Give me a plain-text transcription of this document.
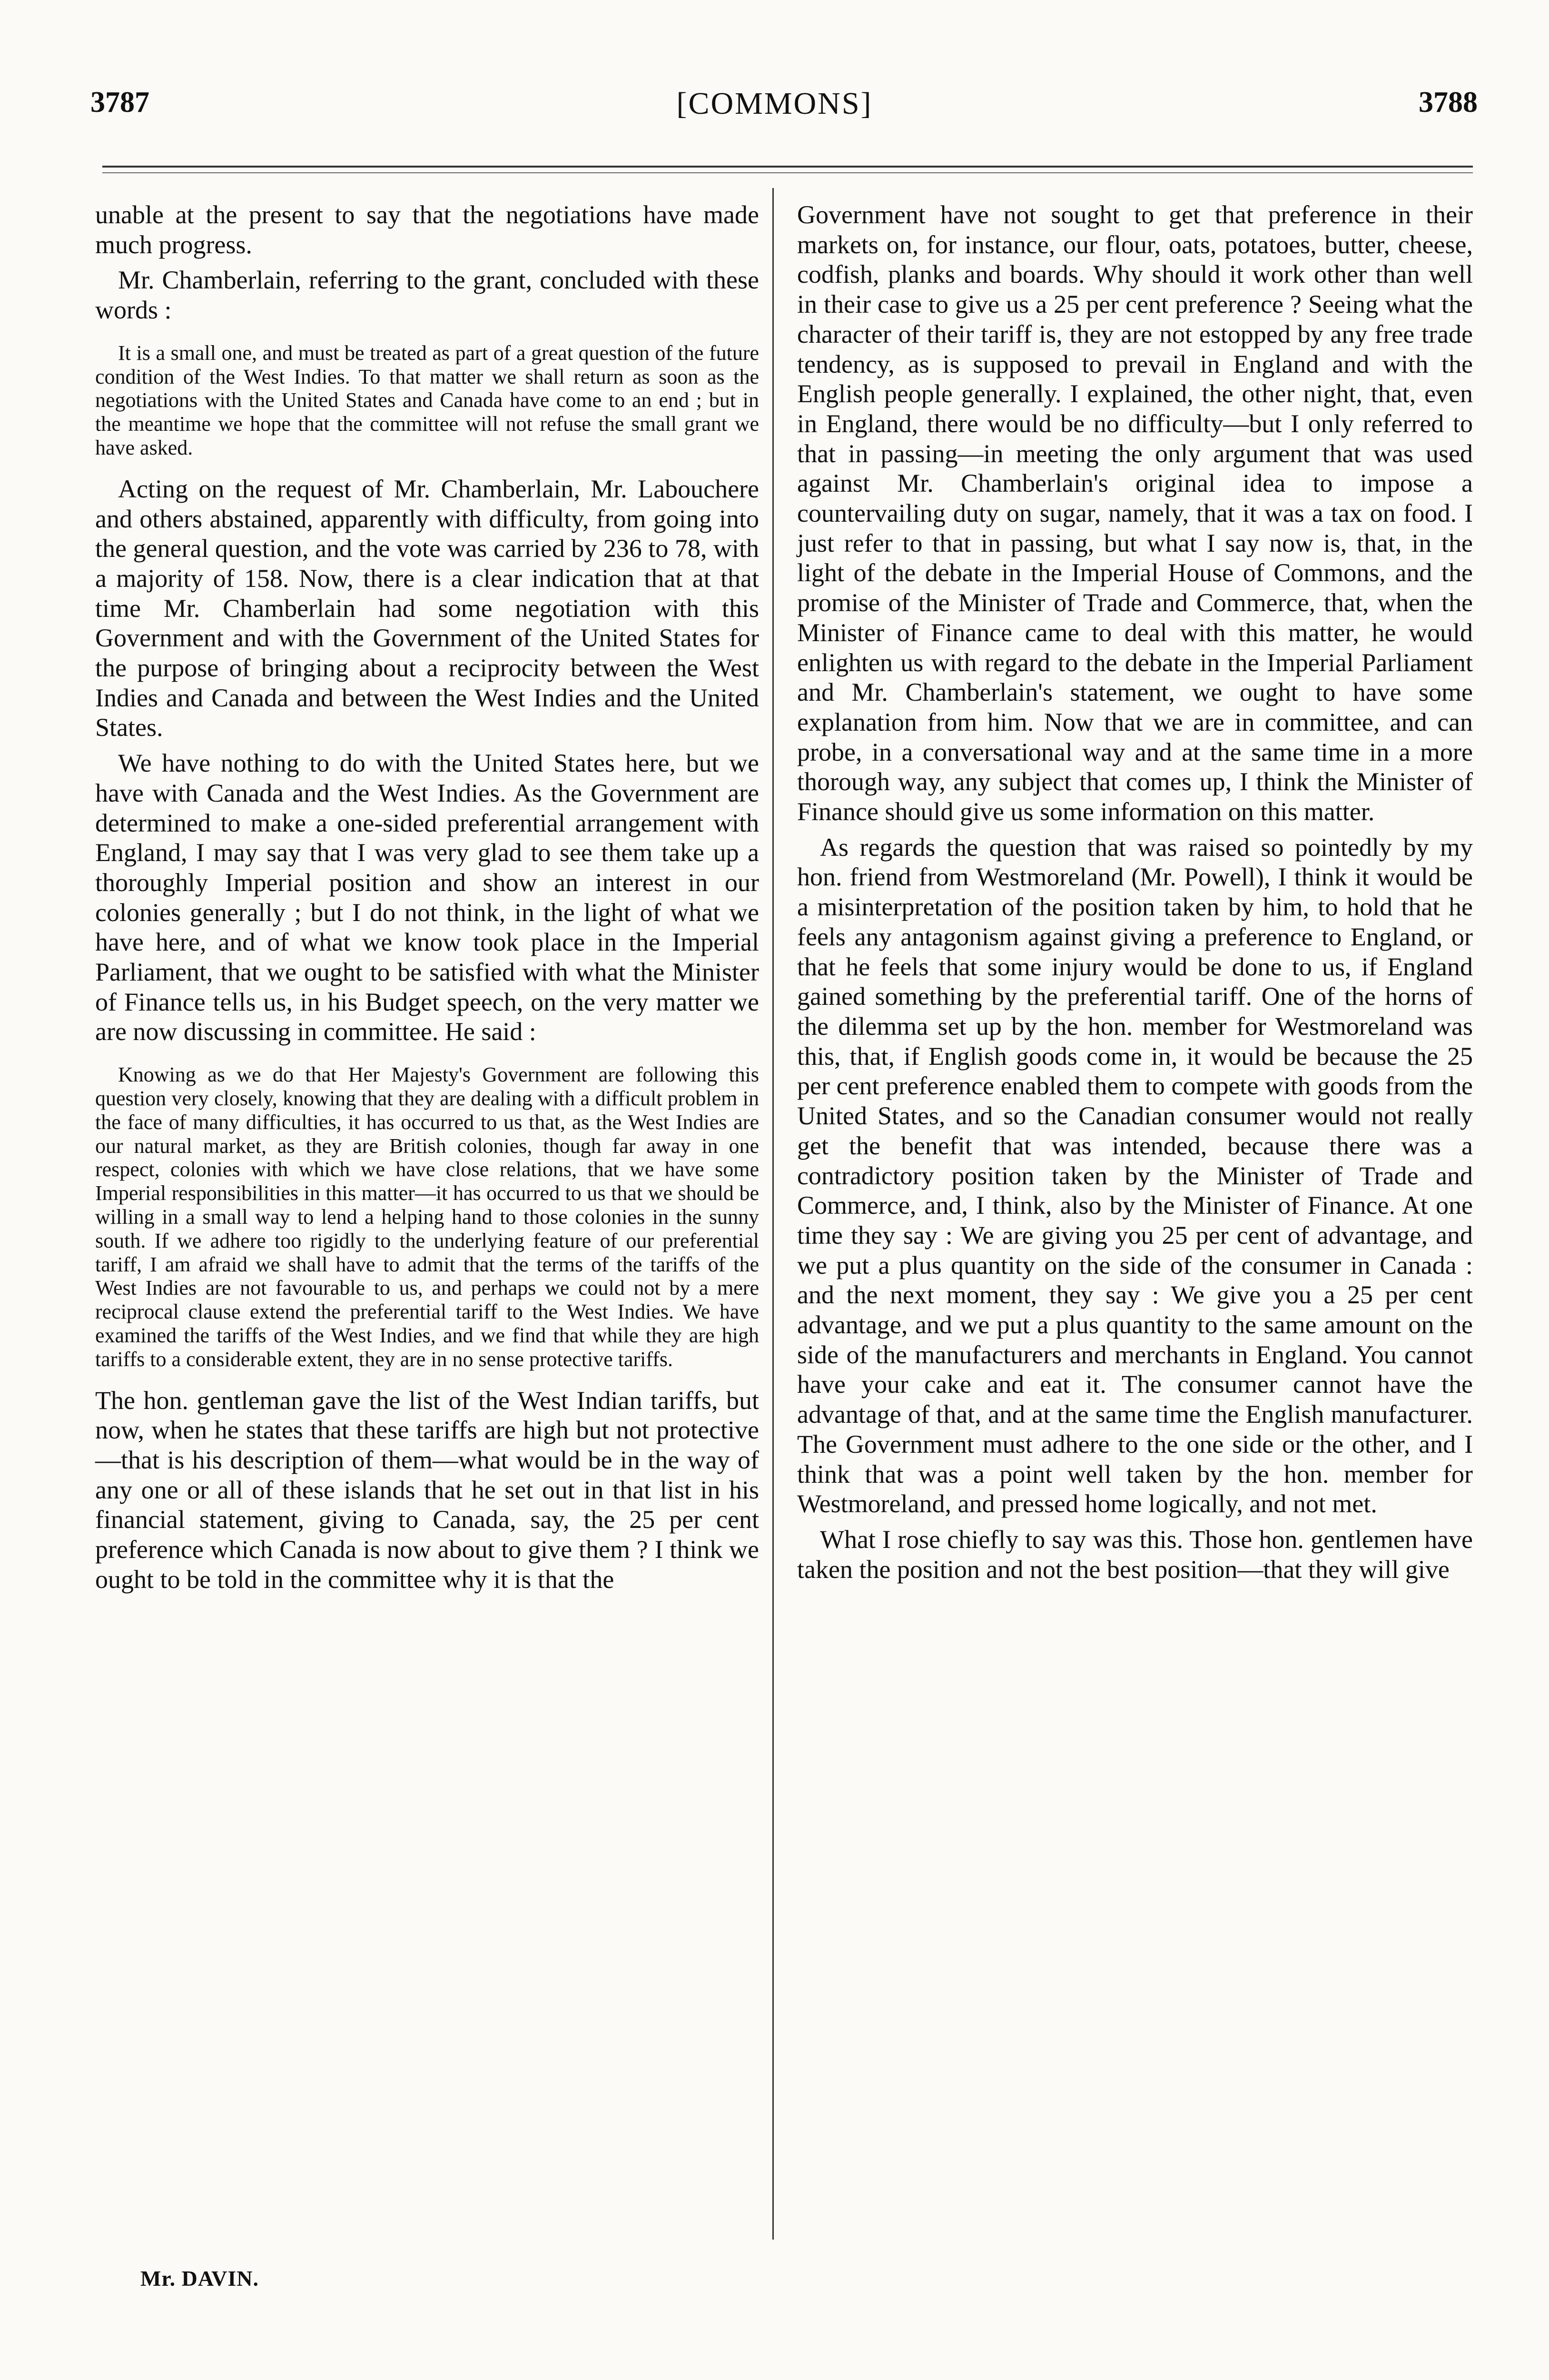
3787	[COMMONS]	3788

unable at the present to say that the negotiations have made much progress.

Mr. Chamberlain, referring to the grant, concluded with these words :

It is a small one, and must be treated as part of a great question of the future condition of the West Indies. To that matter we shall return as soon as the negotiations with the United States and Canada have come to an end ; but in the meantime we hope that the committee will not refuse the small grant we have asked.

Acting on the request of Mr. Chamberlain, Mr. Labouchere and others abstained, apparently with difficulty, from going into the general question, and the vote was carried by 236 to 78, with a majority of 158. Now, there is a clear indication that at that time Mr. Chamberlain had some negotiation with this Government and with the Government of the United States for the purpose of bringing about a reciprocity between the West Indies and Canada and between the West Indies and the United States.

We have nothing to do with the United States here, but we have with Canada and the West Indies. As the Government are determined to make a one-sided preferential arrangement with England, I may say that I was very glad to see them take up a thoroughly Imperial position and show an interest in our colonies generally ; but I do not think, in the light of what we have here, and of what we know took place in the Imperial Parliament, that we ought to be satisfied with what the Minister of Finance tells us, in his Budget speech, on the very matter we are now discussing in committee. He said :

Knowing as we do that Her Majesty's Government are following this question very closely, knowing that they are dealing with a difficult problem in the face of many difficulties, it has occurred to us that, as the West Indies are our natural market, as they are British colonies, though far away in one respect, colonies with which we have close relations, that we have some Imperial responsibilities in this matter—it has occurred to us that we should be willing in a small way to lend a helping hand to those colonies in the sunny south. If we adhere too rigidly to the underlying feature of our preferential tariff, I am afraid we shall have to admit that the terms of the tariffs of the West Indies are not favourable to us, and perhaps we could not by a mere reciprocal clause extend the preferential tariff to the West Indies. We have examined the tariffs of the West Indies, and we find that while they are high tariffs to a considerable extent, they are in no sense protective tariffs.

The hon. gentleman gave the list of the West Indian tariffs, but now, when he states that these tariffs are high but not protective—that is his description of them—what would be in the way of any one or all of these islands that he set out in that list in his financial statement, giving to Canada, say, the 25 per cent preference which Canada is now about to give them ? I think we ought to be told in the committee why it is that the

Government have not sought to get that preference in their markets on, for instance, our flour, oats, potatoes, butter, cheese, codfish, planks and boards. Why should it work other than well in their case to give us a 25 per cent preference ? Seeing what the character of their tariff is, they are not estopped by any free trade tendency, as is supposed to prevail in England and with the English people generally. I explained, the other night, that, even in England, there would be no difficulty—but I only referred to that in passing—in meeting the only argument that was used against Mr. Chamberlain's original idea to impose a countervailing duty on sugar, namely, that it was a tax on food. I just refer to that in passing, but what I say now is, that, in the light of the debate in the Imperial House of Commons, and the promise of the Minister of Trade and Commerce, that, when the Minister of Finance came to deal with this matter, he would enlighten us with regard to the debate in the Imperial Parliament and Mr. Chamberlain's statement, we ought to have some explanation from him. Now that we are in committee, and can probe, in a conversational way and at the same time in a more thorough way, any subject that comes up, I think the Minister of Finance should give us some information on this matter.

As regards the question that was raised so pointedly by my hon. friend from Westmoreland (Mr. Powell), I think it would be a misinterpretation of the position taken by him, to hold that he feels any antagonism against giving a preference to England, or that he feels that some injury would be done to us, if England gained something by the preferential tariff. One of the horns of the dilemma set up by the hon. member for Westmoreland was this, that, if English goods come in, it would be because the 25 per cent preference enabled them to compete with goods from the United States, and so the Canadian consumer would not really get the benefit that was intended, because there was a contradictory position taken by the Minister of Trade and Commerce, and, I think, also by the Minister of Finance. At one time they say : We are giving you 25 per cent of advantage, and we put a plus quantity on the side of the consumer in Canada : and the next moment, they say : We give you a 25 per cent advantage, and we put a plus quantity to the same amount on the side of the manufacturers and merchants in England. You cannot have your cake and eat it. The consumer cannot have the advantage of that, and at the same time the English manufacturer. The Government must adhere to the one side or the other, and I think that was a point well taken by the hon. member for Westmoreland, and pressed home logically, and not met.

What I rose chiefly to say was this. Those hon. gentlemen have taken the position and not the best position—that they will give

Mr. DAVIN.
